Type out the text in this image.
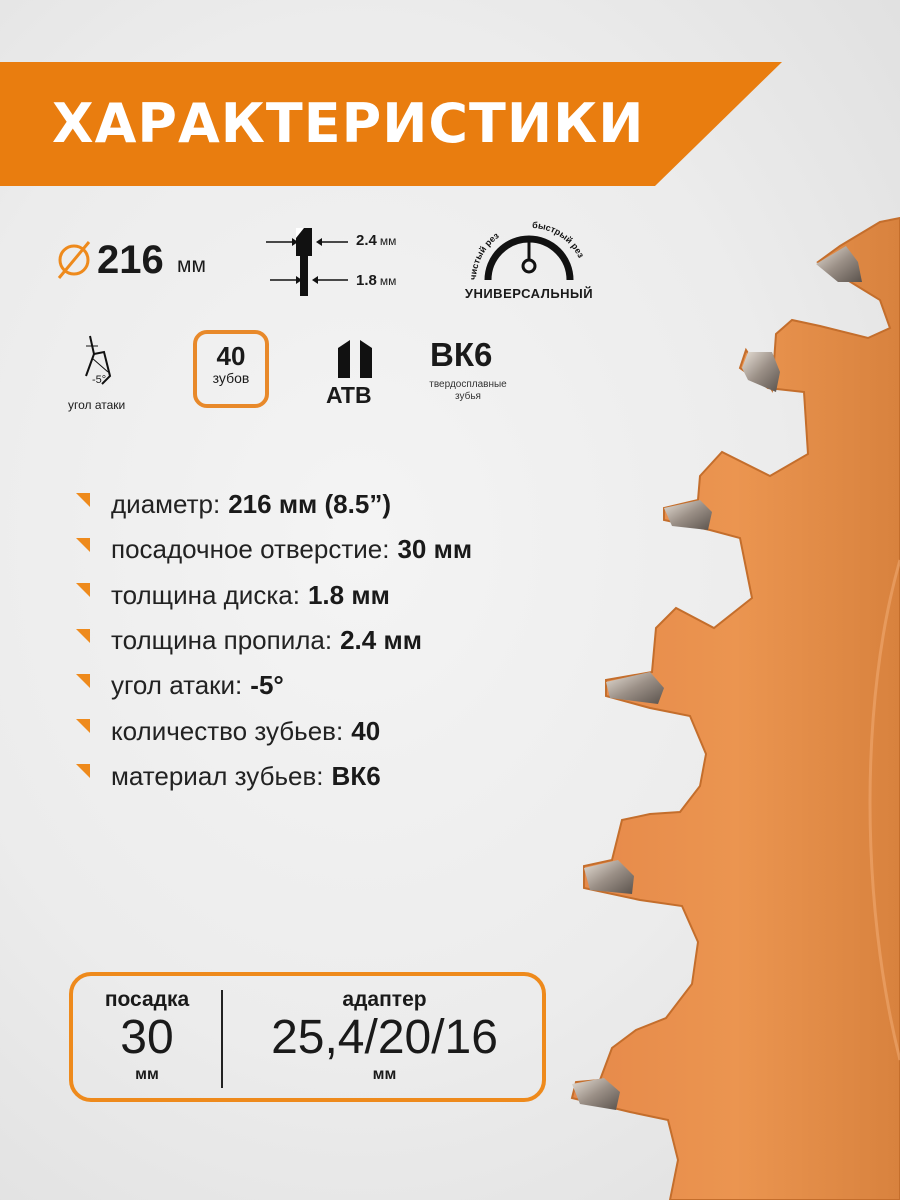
ХАРАКТЕРИСТИКИ
216 мм
2.4 мм
1.8 мм	чистый рез
быстрый рез
УНИВЕРСАЛЬНЫЙ
-5°
угол атаки
40
зубов
ATB
ВК6
твердосплавные
зубья
диаметр: 216 мм (8.5”)
посадочное отверстие: 30 мм
толщина диска: 1.8 мм
толщина пропила: 2.4 мм
угол атаки: -5°
количество зубьев: 40
материал зубьев: ВК6
посадка
30
мм
адаптер
25,4/20/16
мм
